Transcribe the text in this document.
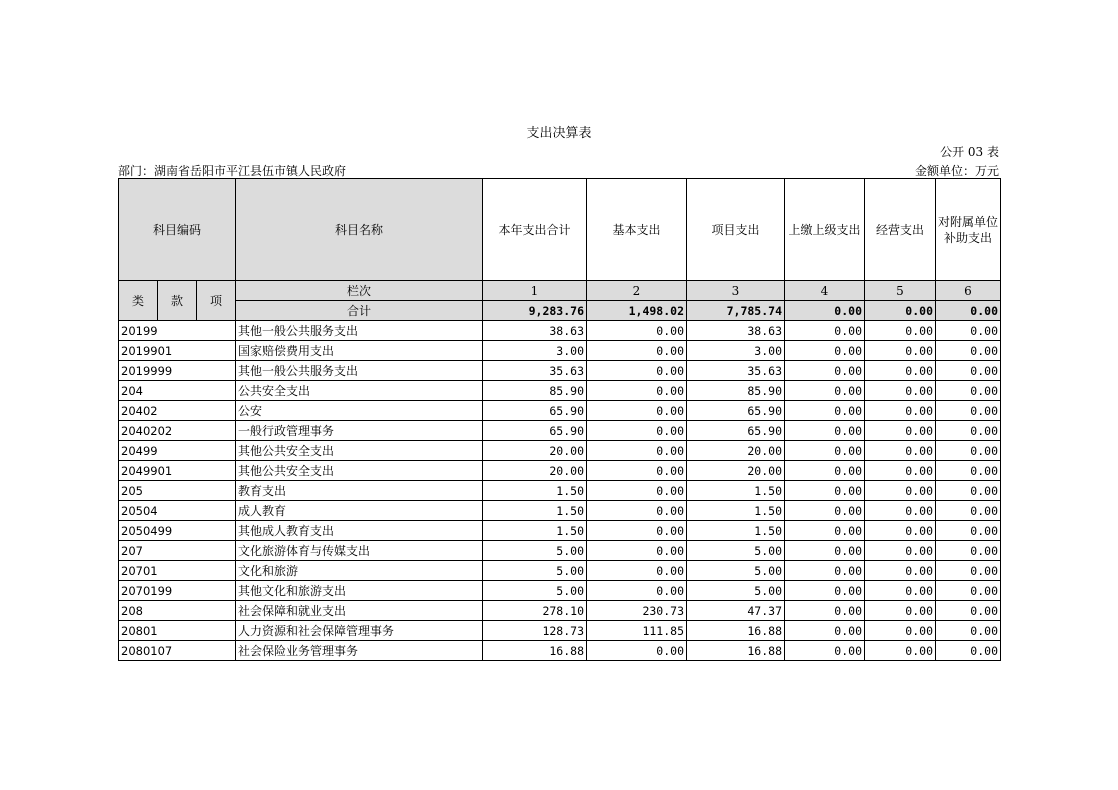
支出决算表
公开 03 表
部门：湖南省岳阳市平江县伍市镇人民政府	金额单位：万元
科目编码			科目名称	本年支出合计	基本支出	项目支出	上缴上级支出	经营支出	对附属单位补助支出
类	款	项	栏次	1	2	3	4	5	6
			合计	9,283.76	1,498.02	7,785.74	0.00	0.00	0.00
20199			其他一般公共服务支出	38.63	0.00	38.63	0.00	0.00	0.00
2019901			国家赔偿费用支出	3.00	0.00	3.00	0.00	0.00	0.00
2019999			其他一般公共服务支出	35.63	0.00	35.63	0.00	0.00	0.00
204			公共安全支出	85.90	0.00	85.90	0.00	0.00	0.00
20402			公安	65.90	0.00	65.90	0.00	0.00	0.00
2040202			一般行政管理事务	65.90	0.00	65.90	0.00	0.00	0.00
20499			其他公共安全支出	20.00	0.00	20.00	0.00	0.00	0.00
2049901			其他公共安全支出	20.00	0.00	20.00	0.00	0.00	0.00
205			教育支出	1.50	0.00	1.50	0.00	0.00	0.00
20504			成人教育	1.50	0.00	1.50	0.00	0.00	0.00
2050499			其他成人教育支出	1.50	0.00	1.50	0.00	0.00	0.00
207			文化旅游体育与传媒支出	5.00	0.00	5.00	0.00	0.00	0.00
20701			文化和旅游	5.00	0.00	5.00	0.00	0.00	0.00
2070199			其他文化和旅游支出	5.00	0.00	5.00	0.00	0.00	0.00
208			社会保障和就业支出	278.10	230.73	47.37	0.00	0.00	0.00
20801			人力资源和社会保障管理事务	128.73	111.85	16.88	0.00	0.00	0.00
2080107			社会保险业务管理事务	16.88	0.00	16.88	0.00	0.00	0.00
